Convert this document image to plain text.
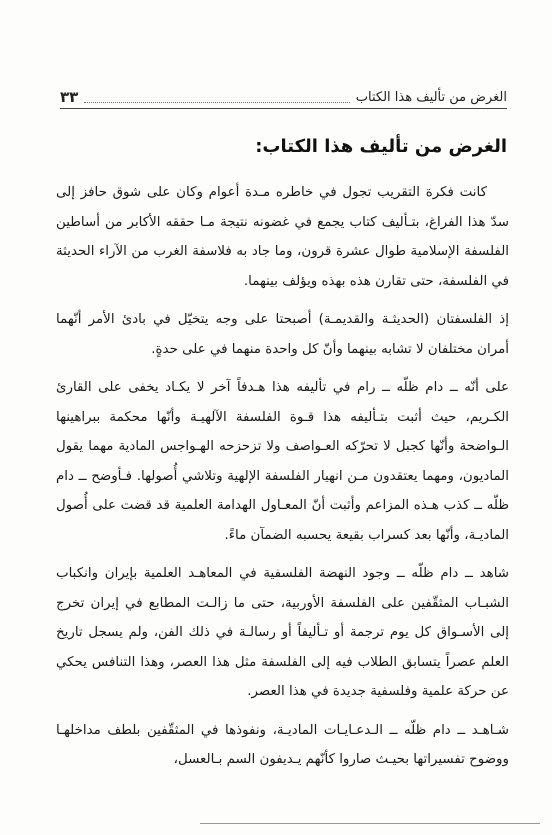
الغرض من تأليف هذا الكتاب
٣٣
الغرض من تأليف هذا الكتاب:

كانت فكرة التقريب تجول في خاطره مـدة أعوام وكان على شوق حافز إلى سدّ هذا الفراغ، بتـأليف كتاب يجمع في غضونه نتيجة مـا حققه الأكابر من أساطين الفلسفة الإسلامية طوال عشرة قرون، وما جاد به فلاسفة الغرب من الآراء الحديثة في الفلسفة، حتى تقارن هذه بهذه ويؤلف بينهما.

إذ الفلسفتان (الحديثـة والقديمـة) أصبحتا على وجه يتخيّل في بادئ الأمر أنّهما أمران مختلفان لا تشابه بينهما وأنّ كل واحدة منهما في على حدةٍ.

على أنّه ــ دام ظلّه ــ رام في تأليفه هذا هـدفاً آخر لا يكـاد يخفى على القارئ الكـريم، حيث أثبت بتـأليفه هذا قـوة الفلسفة الآلهيـة وأنّها محكمة ببراهينها الـواضحة وأنّها كجبل لا تحرّكه العـواصف ولا تزحزحه الهـواجس المادية مهما يقول الماديون، ومهما يعتقدون مـن انهيار الفلسفة الإلهية وتلاشي أُصولها. فـأوضح ــ دام ظلّه ــ كذب هـذه المزاعم وأثبت أنّ المعـاول الهدامة العلمية قد قضت على أُصول الماديـة، وأنّها بعد كسراب بقيعة يحسبه الضمآن ماءً.

شاهد ــ دام ظلّه ــ وجود النهضة الفلسفية في المعاهـد العلمية بإيران وانكباب الشبـاب المثقّفين على الفلسفة الأوربية، حتى ما زالـت المطابع في إيران تخرج إلى الأسـواق كل يوم ترجمة أو تـأليفاً أو رسالـة في ذلك الفن، ولم يسجل تاريخ العلم عصراً يتسابق الطلاب فيه إلى الفلسفة مثل هذا العصر، وهذا التنافس يحكي عن حركة علمية وفلسفية جديدة في هذا العصر.

شـاهـد ــ دام ظلّه ــ الـدعـايـات الماديـة، ونفوذها في المثقّفين بلطف مداخلهـا ووضوح تفسيراتها بحيـث صاروا كأنّهم يـديفون السم بـالعسل،
